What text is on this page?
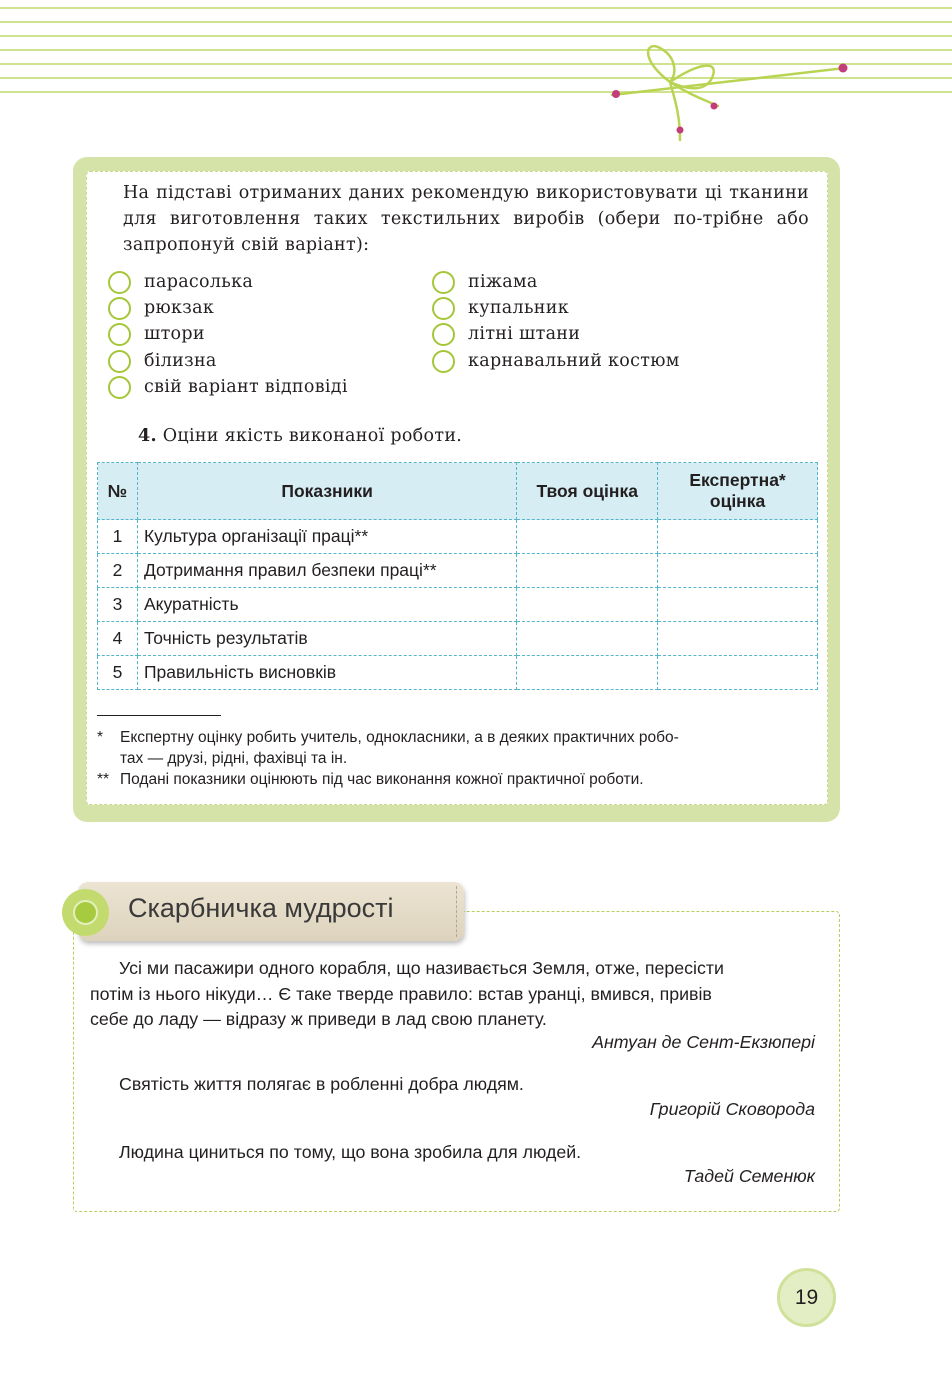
На підставі отриманих даних рекомендую використовувати ці тканини для виготовлення таких текстильних виробів (обери по-трібне або запропонуй свій варіант):

парасолька
рюкзак
штори
білизна
свій варіант відповіді
піжама
купальник
літні штани
карнавальний костюм

4. Оціни якість виконаної роботи.

№	Показники	Твоя оцінка	Експертна*
оцінка
1	Культура організації праці**		
2	Дотримання правил безпеки праці**		
3	Акуратність		
4	Точність результатів		
5	Правильність висновків		
*	Експертну оцінку робить учитель, однокласники, а в деяких практичних робо-
тах — друзі, рідні, фахівці та ін.
** Подані показники оцінюють під час виконання кожної практичної роботи.
Скарбничка мудрості
Усі ми пасажири одного корабля, що називається Земля, отже, пересісти
потім із нього нікуди… Є таке тверде правило: встав уранці, вмився, привів
себе до ладу — відразу ж приведи в лад свою планету.
Антуан де Сент-Екзюпері
Святість життя полягає в робленні добра людям.
Григорій Сковорода
Людина циниться по тому, що вона зробила для людей.
Тадей Семенюк
19
